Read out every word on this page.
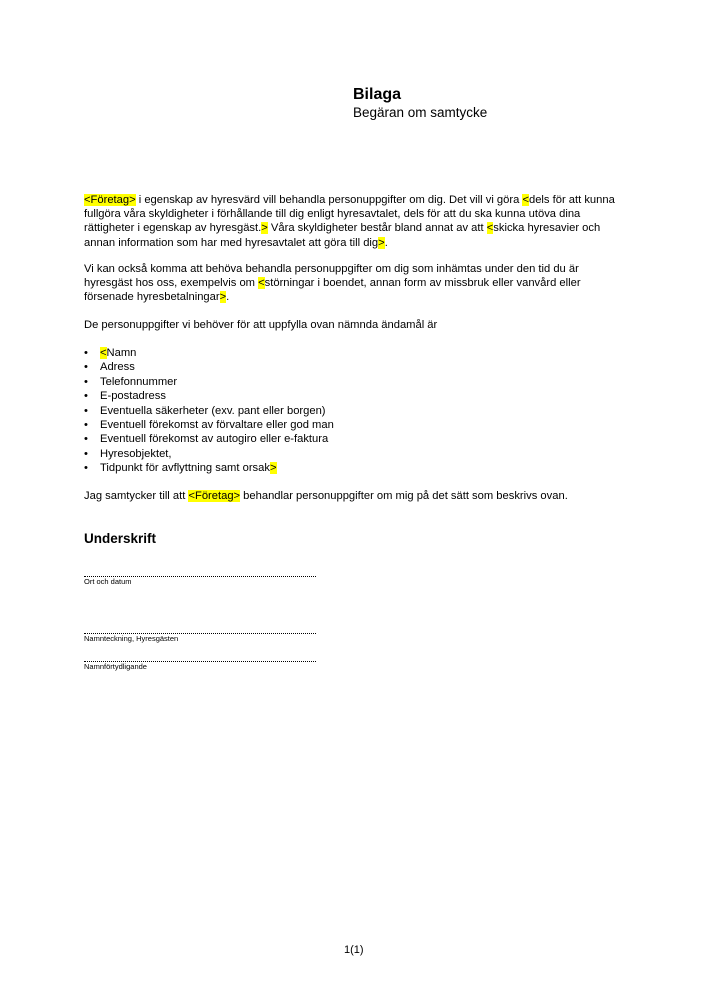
Bilaga
Begäran om samtycke
<Företag> i egenskap av hyresvärd vill behandla personuppgifter om dig. Det vill vi göra <dels för att kunna fullgöra våra skyldigheter i förhållande till dig enligt hyresavtalet, dels för att du ska kunna utöva dina rättigheter i egenskap av hyresgäst.> Våra skyldigheter består bland annat av att <skicka hyresavier och annan information som har med hyresavtalet att göra till dig>.
Vi kan också komma att behöva behandla personuppgifter om dig som inhämtas under den tid du är hyresgäst hos oss, exempelvis om <störningar i boendet, annan form av missbruk eller vanvård eller försenade hyresbetalningar>.
De personuppgifter vi behöver för att uppfylla ovan nämnda ändamål är
• <Namn
• Adress
• Telefonnummer
• E-postadress
• Eventuella säkerheter (exv. pant eller borgen)
• Eventuell förekomst av förvaltare eller god man
• Eventuell förekomst av autogiro eller e-faktura
• Hyresobjektet,
• Tidpunkt för avflyttning samt orsak>
Jag samtycker till att <Företag> behandlar personuppgifter om mig på det sätt som beskrivs ovan.
Underskrift
Ort och datum
Namnteckning, Hyresgästen
Namnförtydligande
1(1)
